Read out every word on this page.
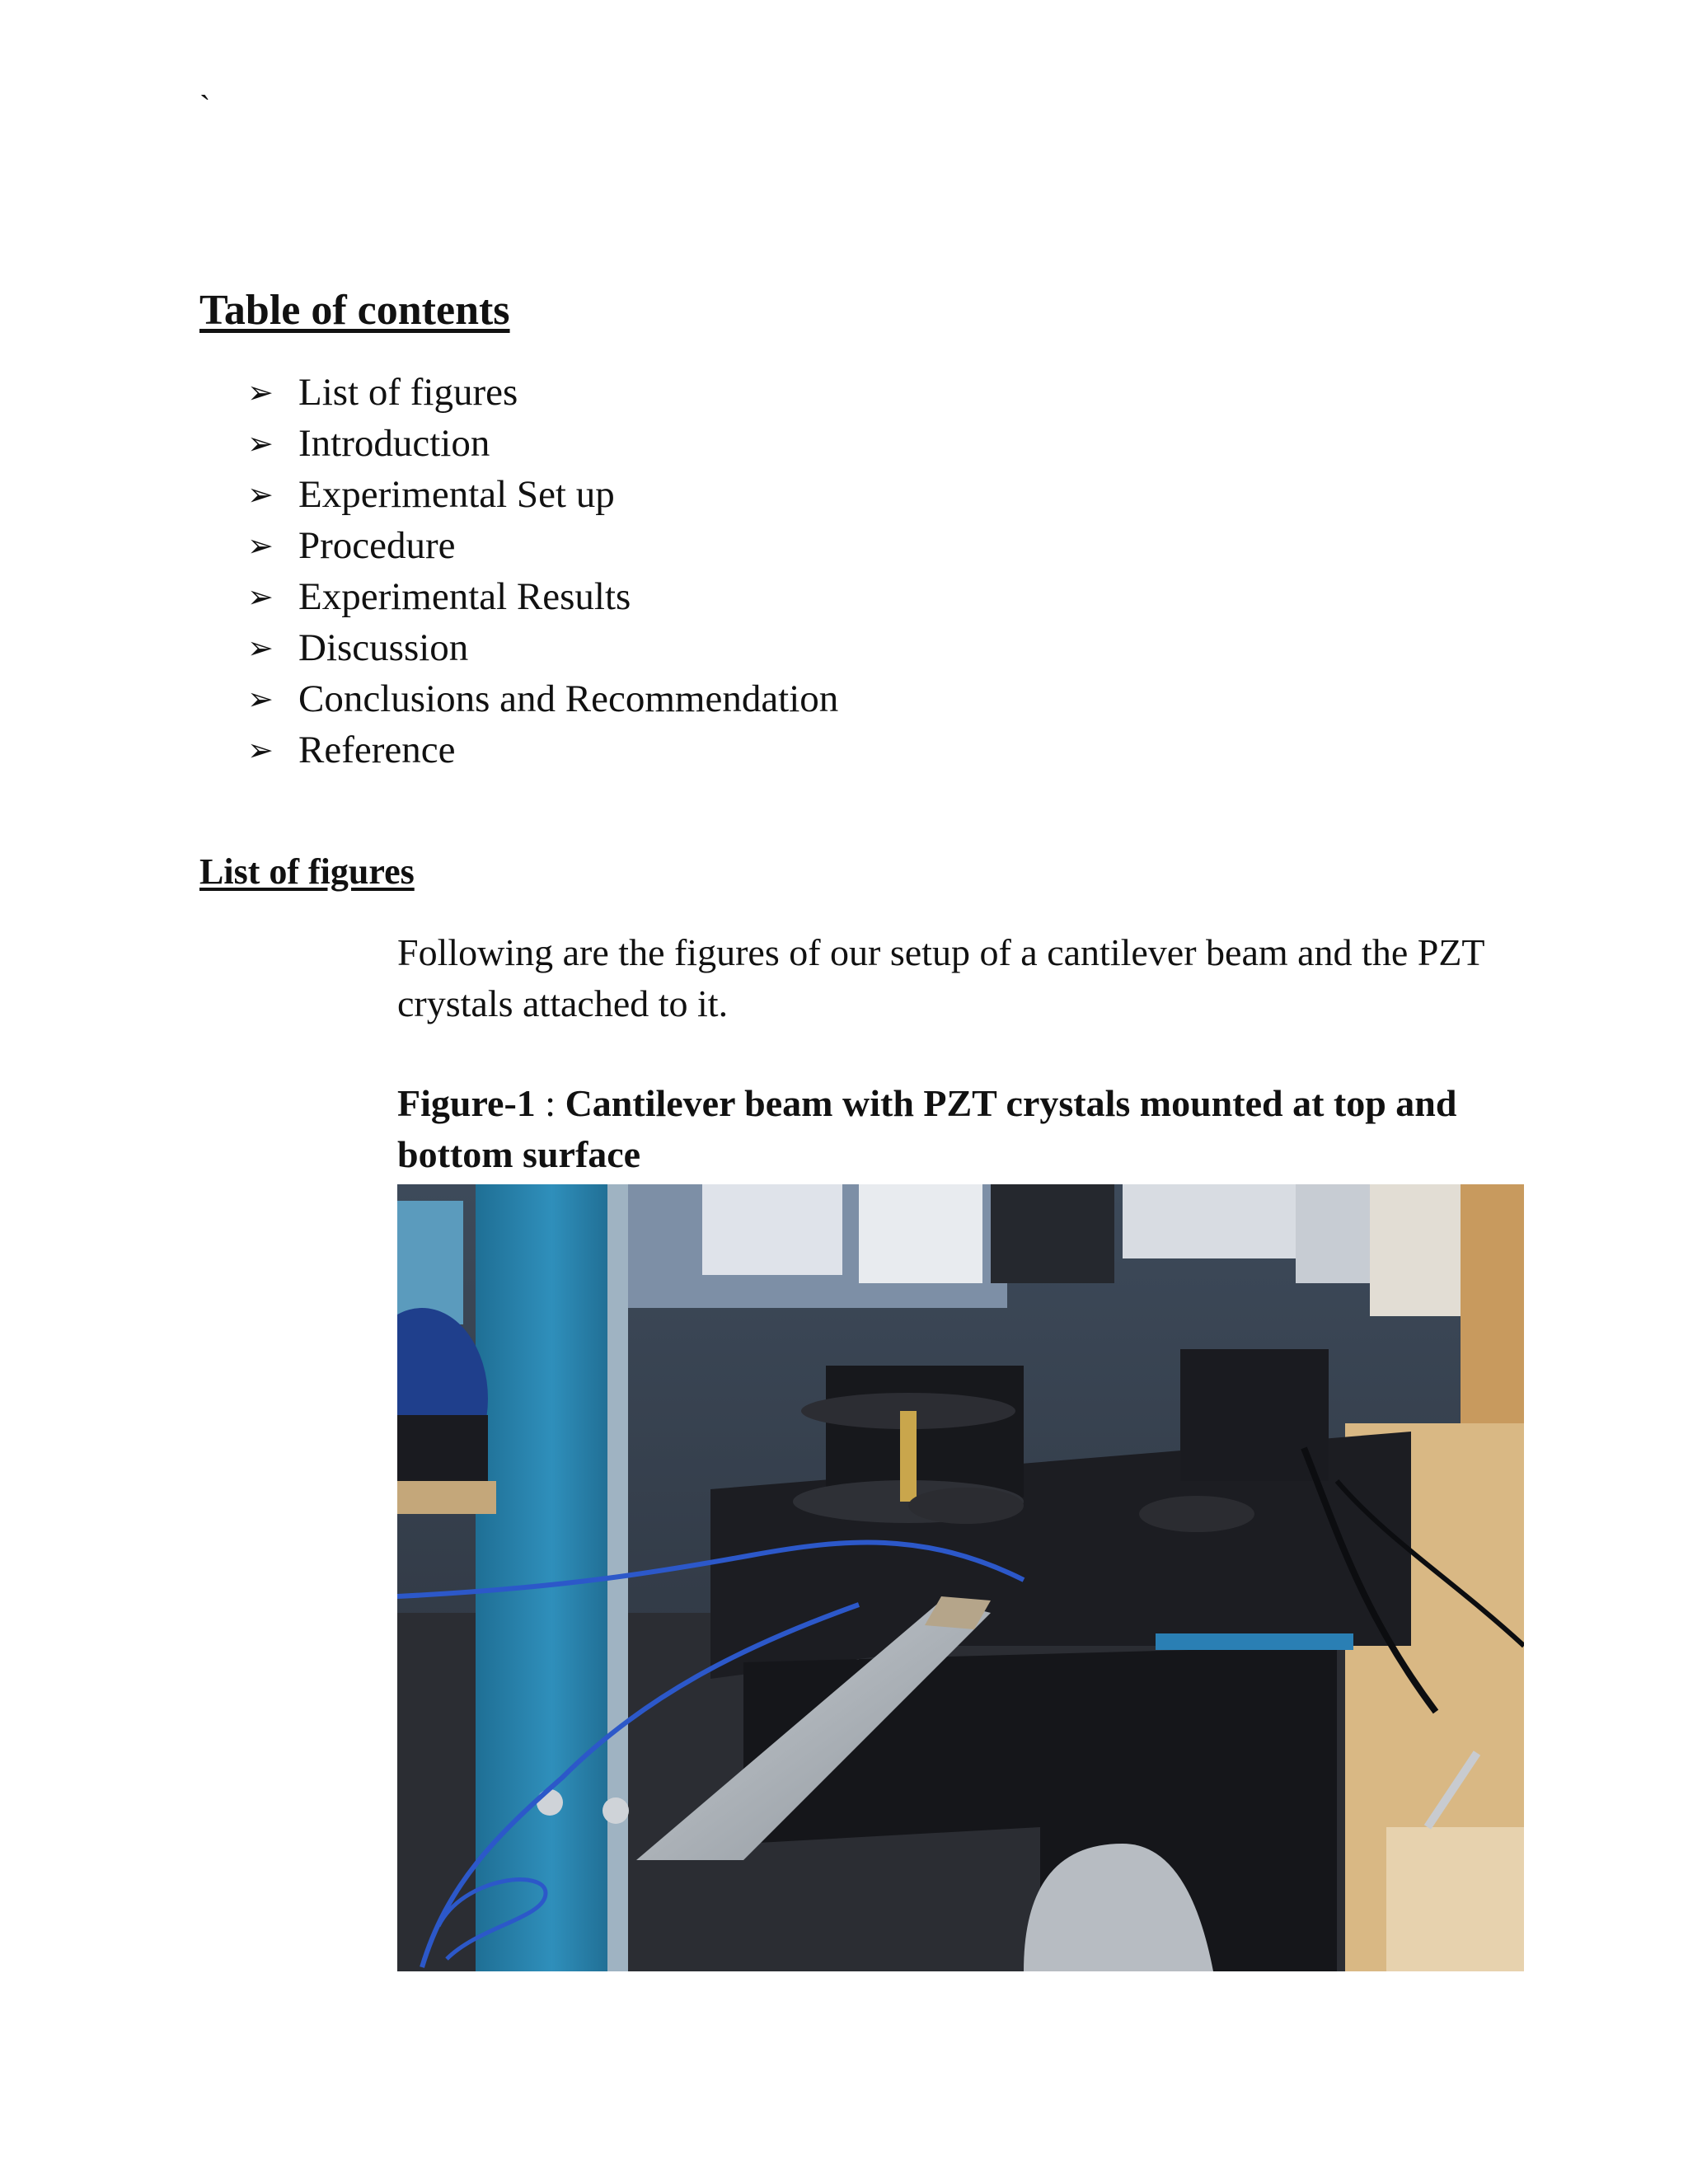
`
Table of contents
➢ List of figures
➢ Introduction
➢ Experimental Set up
➢ Procedure
➢ Experimental Results
➢ Discussion
➢ Conclusions and Recommendation
➢ Reference
List of figures

Following are the figures of our setup of a cantilever beam and the PZT crystals attached to it.

Figure-1 : Cantilever beam with PZT crystals mounted at top and bottom surface
